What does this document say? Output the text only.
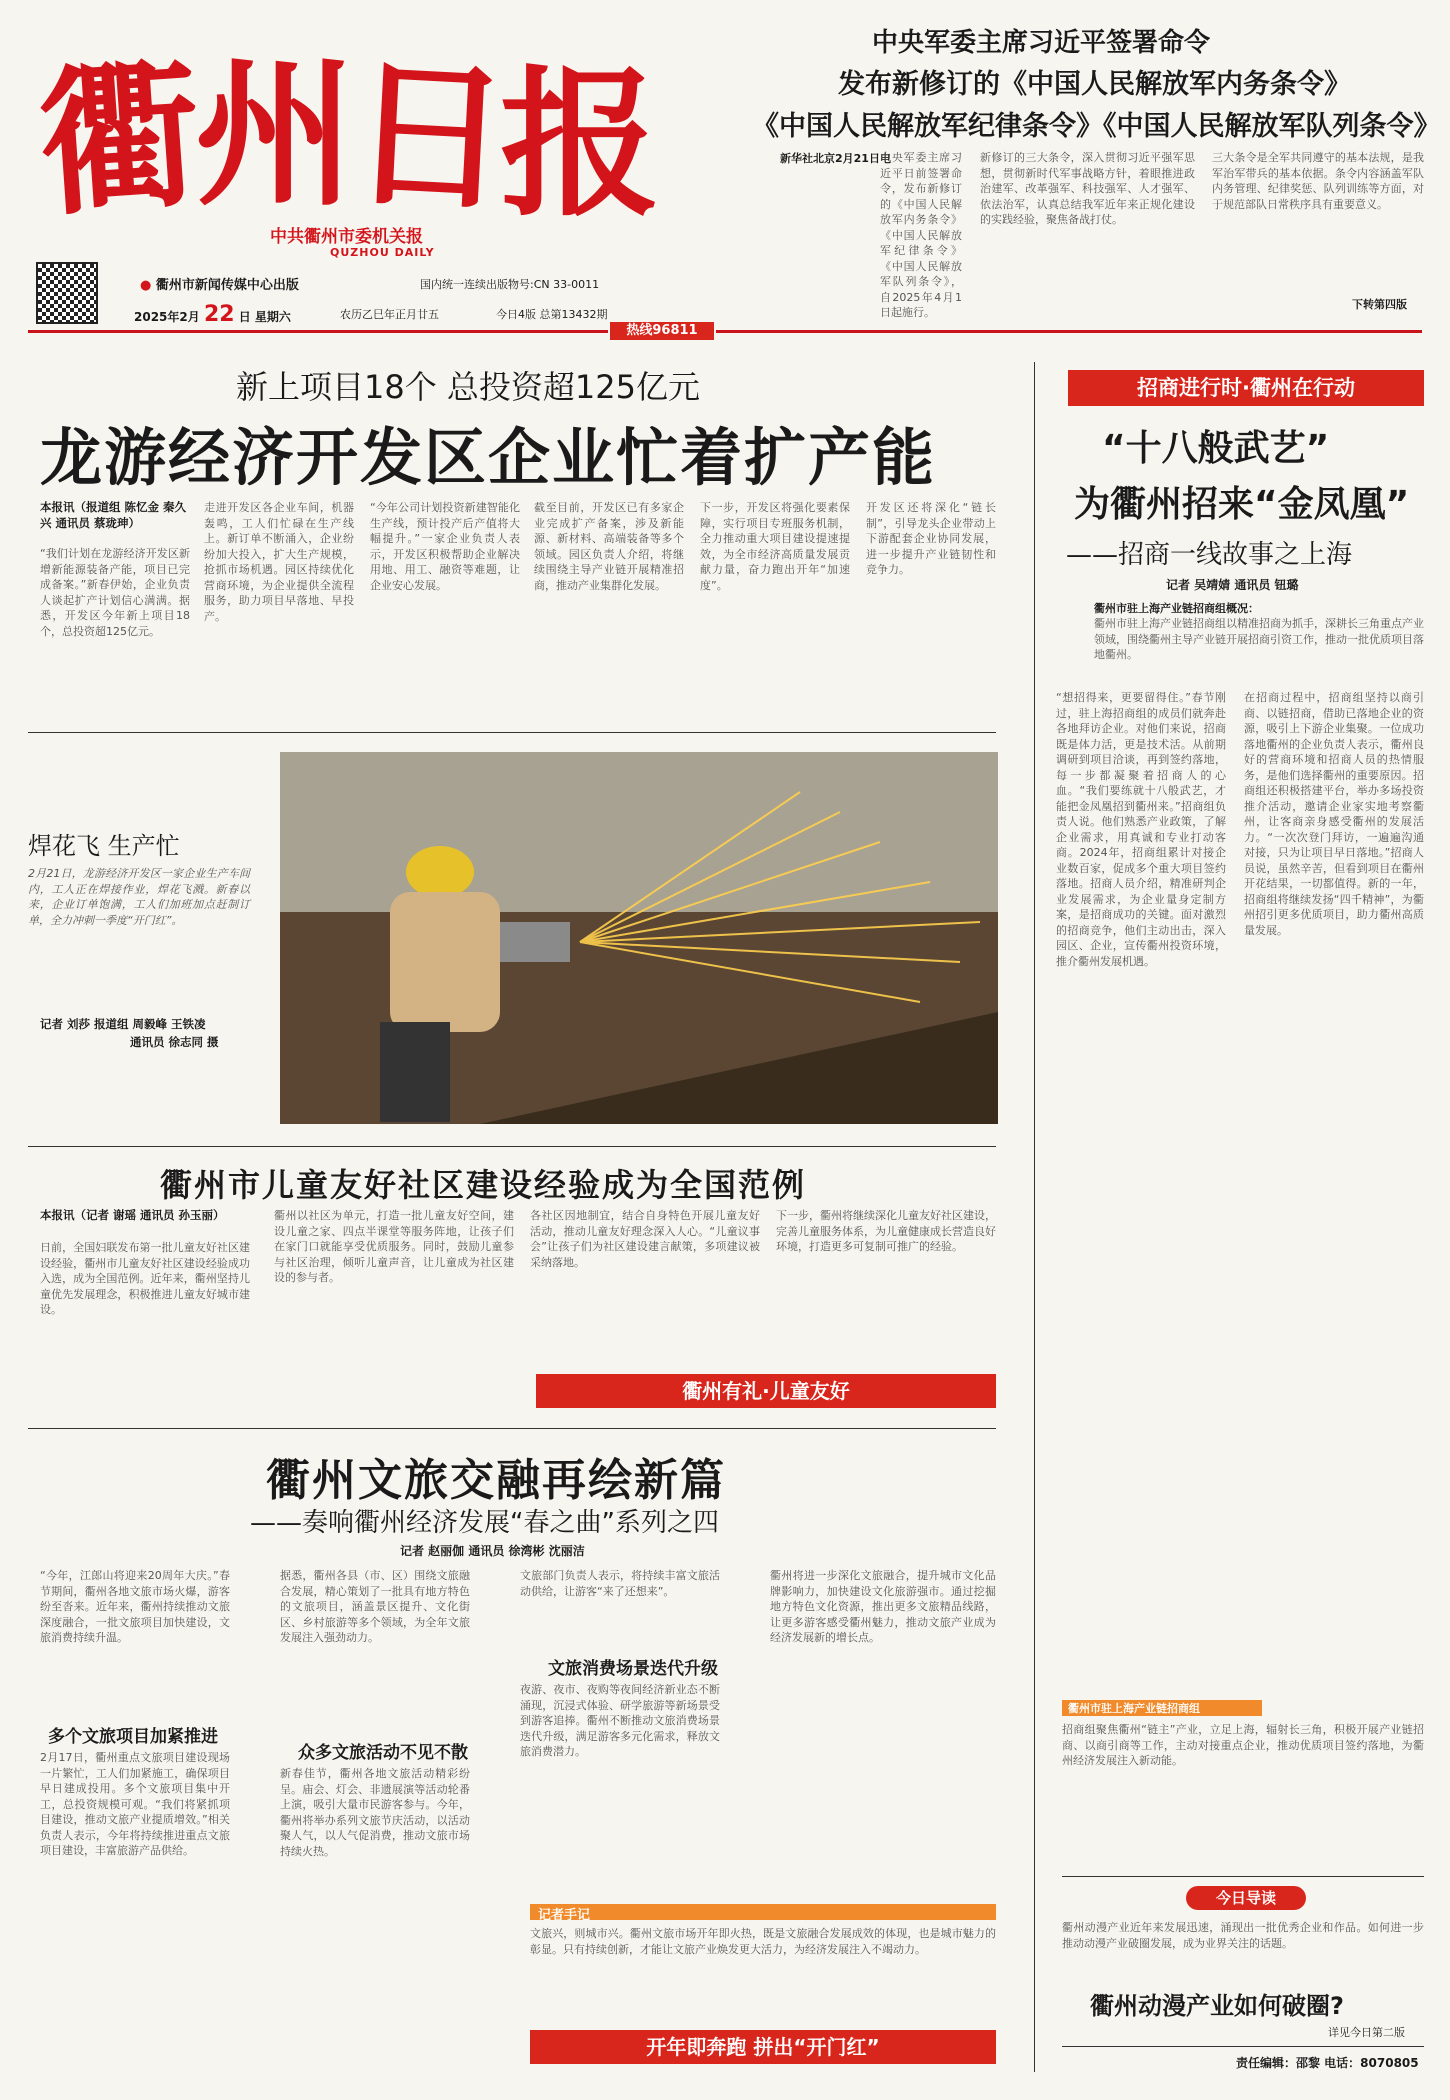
衢
州
日
报
中共衢州市委机关报
QUZHOU DAILY
● 衢州市新闻传媒中心出版	国内统一连续出版物号:CN 33-0011
2025年2月 22 日 星期六	农历乙巳年正月廿五	今日4版 总第13432期
热线96811
中央军委主席习近平签署命令
发布新修订的《中国人民解放军内务条令》
《中国人民解放军纪律条令》《中国人民解放军队列条令》
新华社北京2月21日电
中央军委主席习近平日前签署命令，发布新修订的《中国人民解放军内务条令》《中国人民解放军纪律条令》《中国人民解放军队列条令》，自2025年4月1日起施行。
新修订的三大条令，深入贯彻习近平强军思想，贯彻新时代军事战略方针，着眼推进政治建军、改革强军、科技强军、人才强军、依法治军，认真总结我军近年来正规化建设的实践经验，聚焦备战打仗。
三大条令是全军共同遵守的基本法规，是我军治军带兵的基本依据。条令内容涵盖军队内务管理、纪律奖惩、队列训练等方面，对于规范部队日常秩序具有重要意义。
下转第四版
新上项目18个 总投资超125亿元
龙游经济开发区企业忙着扩产能
本报讯（报道组 陈忆金 秦久兴 通讯员 蔡珑珅）
“我们计划在龙游经济开发区新增新能源装备产能，项目已完成备案。”新春伊始，企业负责人谈起扩产计划信心满满。据悉，开发区今年新上项目18个，总投资超125亿元。
走进开发区各企业车间，机器轰鸣，工人们忙碌在生产线上。新订单不断涌入，企业纷纷加大投入，扩大生产规模，抢抓市场机遇。园区持续优化营商环境，为企业提供全流程服务，助力项目早落地、早投产。
“今年公司计划投资新建智能化生产线，预计投产后产值将大幅提升。”一家企业负责人表示，开发区积极帮助企业解决用地、用工、融资等难题，让企业安心发展。
截至目前，开发区已有多家企业完成扩产备案，涉及新能源、新材料、高端装备等多个领域。园区负责人介绍，将继续围绕主导产业链开展精准招商，推动产业集群化发展。
下一步，开发区将强化要素保障，实行项目专班服务机制，全力推动重大项目建设提速提效，为全市经济高质量发展贡献力量，奋力跑出开年“加速度”。
开发区还将深化“链长制”，引导龙头企业带动上下游配套企业协同发展，进一步提升产业链韧性和竞争力。
焊花飞 生产忙
2月21日，龙游经济开发区一家企业生产车间内，工人正在焊接作业，焊花飞溅。新春以来，企业订单饱满，工人们加班加点赶制订单，全力冲刺一季度“开门红”。
记者 刘莎 报道组 周毅峰 王铁凌
通讯员 徐志同 摄
衢州市儿童友好社区建设经验成为全国范例
本报讯（记者 谢瑶 通讯员 孙玉丽）
日前，全国妇联发布第一批儿童友好社区建设经验，衢州市儿童友好社区建设经验成功入选，成为全国范例。近年来，衢州坚持儿童优先发展理念，积极推进儿童友好城市建设。
衢州以社区为单元，打造一批儿童友好空间，建设儿童之家、四点半课堂等服务阵地，让孩子们在家门口就能享受优质服务。同时，鼓励儿童参与社区治理，倾听儿童声音，让儿童成为社区建设的参与者。
各社区因地制宜，结合自身特色开展儿童友好活动，推动儿童友好理念深入人心。“儿童议事会”让孩子们为社区建设建言献策，多项建议被采纳落地。
下一步，衢州将继续深化儿童友好社区建设，完善儿童服务体系，为儿童健康成长营造良好环境，打造更多可复制可推广的经验。
衢州有礼·儿童友好
衢州文旅交融再绘新篇
——奏响衢州经济发展“春之曲”系列之四
记者 赵丽伽 通讯员 徐湾彬 沈丽洁
“今年，江郎山将迎来20周年大庆。”春节期间，衢州各地文旅市场火爆，游客纷至沓来。近年来，衢州持续推动文旅深度融合，一批文旅项目加快建设，文旅消费持续升温。
多个文旅项目加紧推进
2月17日，衢州重点文旅项目建设现场一片繁忙，工人们加紧施工，确保项目早日建成投用。多个文旅项目集中开工，总投资规模可观。“我们将紧抓项目建设，推动文旅产业提质增效。”相关负责人表示，今年将持续推进重点文旅项目建设，丰富旅游产品供给。
据悉，衢州各县（市、区）围绕文旅融合发展，精心策划了一批具有地方特色的文旅项目，涵盖景区提升、文化街区、乡村旅游等多个领域，为全年文旅发展注入强劲动力。
众多文旅活动不见不散
新春佳节，衢州各地文旅活动精彩纷呈。庙会、灯会、非遗展演等活动轮番上演，吸引大量市民游客参与。今年，衢州将举办系列文旅节庆活动，以活动聚人气，以人气促消费，推动文旅市场持续火热。
文旅部门负责人表示，将持续丰富文旅活动供给，让游客“来了还想来”。
文旅消费场景迭代升级
夜游、夜市、夜购等夜间经济新业态不断涌现，沉浸式体验、研学旅游等新场景受到游客追捧。衢州不断推动文旅消费场景迭代升级，满足游客多元化需求，释放文旅消费潜力。
衢州将进一步深化文旅融合，提升城市文化品牌影响力，加快建设文化旅游强市。通过挖掘地方特色文化资源，推出更多文旅精品线路，让更多游客感受衢州魅力，推动文旅产业成为经济发展新的增长点。
记者手记
文旅兴，则城市兴。衢州文旅市场开年即火热，既是文旅融合发展成效的体现，也是城市魅力的彰显。只有持续创新，才能让文旅产业焕发更大活力，为经济发展注入不竭动力。
开年即奔跑 拼出“开门红”
招商进行时·衢州在行动
“十八般武艺”
为衢州招来“金凤凰”
——招商一线故事之上海
记者 吴靖婧 通讯员 钮璐
衢州市驻上海产业链招商组概况：
衢州市驻上海产业链招商组以精准招商为抓手，深耕长三角重点产业领域，围绕衢州主导产业链开展招商引资工作，推动一批优质项目落地衢州。
“想招得来，更要留得住。”春节刚过，驻上海招商组的成员们就奔赴各地拜访企业。对他们来说，招商既是体力活，更是技术活。从前期调研到项目洽谈，再到签约落地，每一步都凝聚着招商人的心血。“我们要练就十八般武艺，才能把金凤凰招到衢州来。”招商组负责人说。他们熟悉产业政策，了解企业需求，用真诚和专业打动客商。2024年，招商组累计对接企业数百家，促成多个重大项目签约落地。招商人员介绍，精准研判企业发展需求，为企业量身定制方案，是招商成功的关键。面对激烈的招商竞争，他们主动出击，深入园区、企业，宣传衢州投资环境，推介衢州发展机遇。
在招商过程中，招商组坚持以商引商、以链招商，借助已落地企业的资源，吸引上下游企业集聚。一位成功落地衢州的企业负责人表示，衢州良好的营商环境和招商人员的热情服务，是他们选择衢州的重要原因。招商组还积极搭建平台，举办多场投资推介活动，邀请企业家实地考察衢州，让客商亲身感受衢州的发展活力。“一次次登门拜访，一遍遍沟通对接，只为让项目早日落地。”招商人员说，虽然辛苦，但看到项目在衢州开花结果，一切都值得。新的一年，招商组将继续发扬“四千精神”，为衢州招引更多优质项目，助力衢州高质量发展。
衢州市驻上海产业链招商组
招商组聚焦衢州“链主”产业，立足上海，辐射长三角，积极开展产业链招商、以商引商等工作，主动对接重点企业，推动优质项目签约落地，为衢州经济发展注入新动能。
今日导读
衢州动漫产业近年来发展迅速，涌现出一批优秀企业和作品。如何进一步推动动漫产业破圈发展，成为业界关注的话题。
衢州动漫产业如何破圈?
详见今日第二版
责任编辑：邵黎 电话：8070805
